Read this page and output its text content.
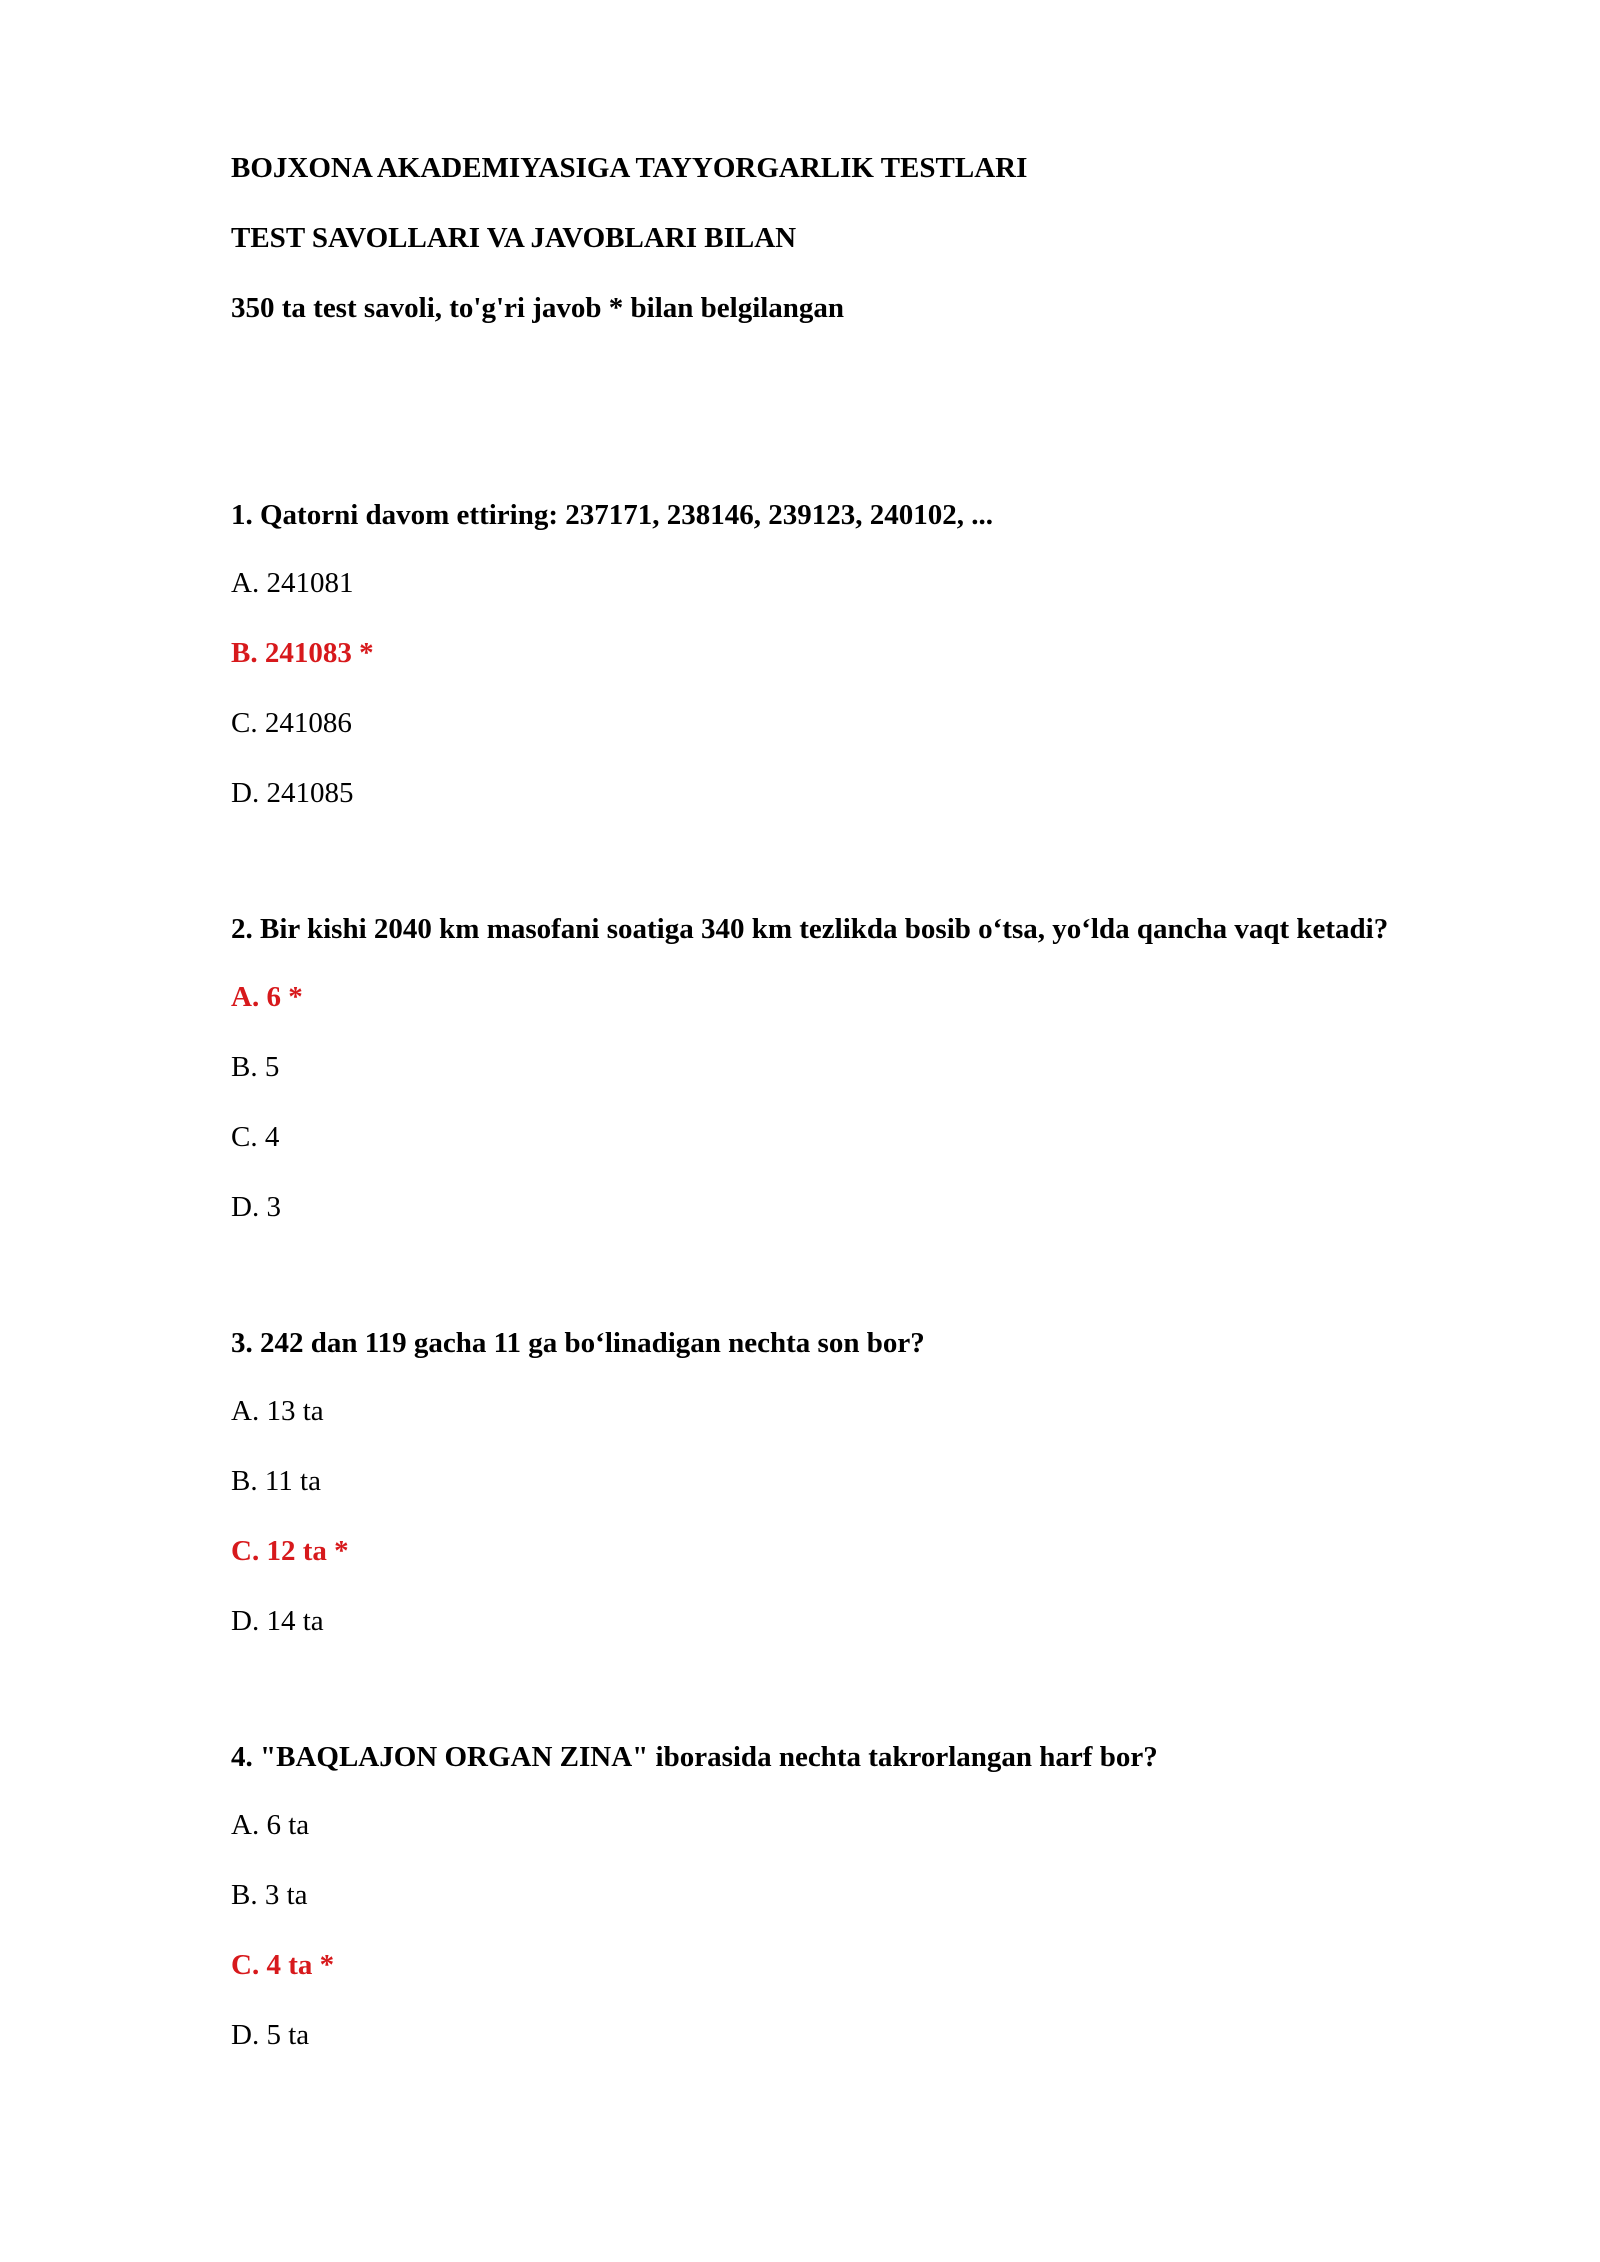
BOJXONA AKADEMIYASIGA TAYYORGARLIK TESTLARI
TEST SAVOLLARI VA JAVOBLARI BILAN
350 ta test savoli, to'g'ri javob * bilan belgilangan
1. Qatorni davom ettiring: 237171, 238146, 239123, 240102, ...
A. 241081
B. 241083 *
C. 241086
D. 241085
2. Bir kishi 2040 km masofani soatiga 340 km tezlikda bosib o‘tsa, yo‘lda qancha vaqt ketadi?
A. 6 *
B. 5
C. 4
D. 3
3. 242 dan 119 gacha 11 ga bo‘linadigan nechta son bor?
A. 13 ta
B. 11 ta
C. 12 ta *
D. 14 ta
4. "BAQLAJON ORGAN ZINA" iborasida nechta takrorlangan harf bor?
A. 6 ta
B. 3 ta
C. 4 ta *
D. 5 ta
